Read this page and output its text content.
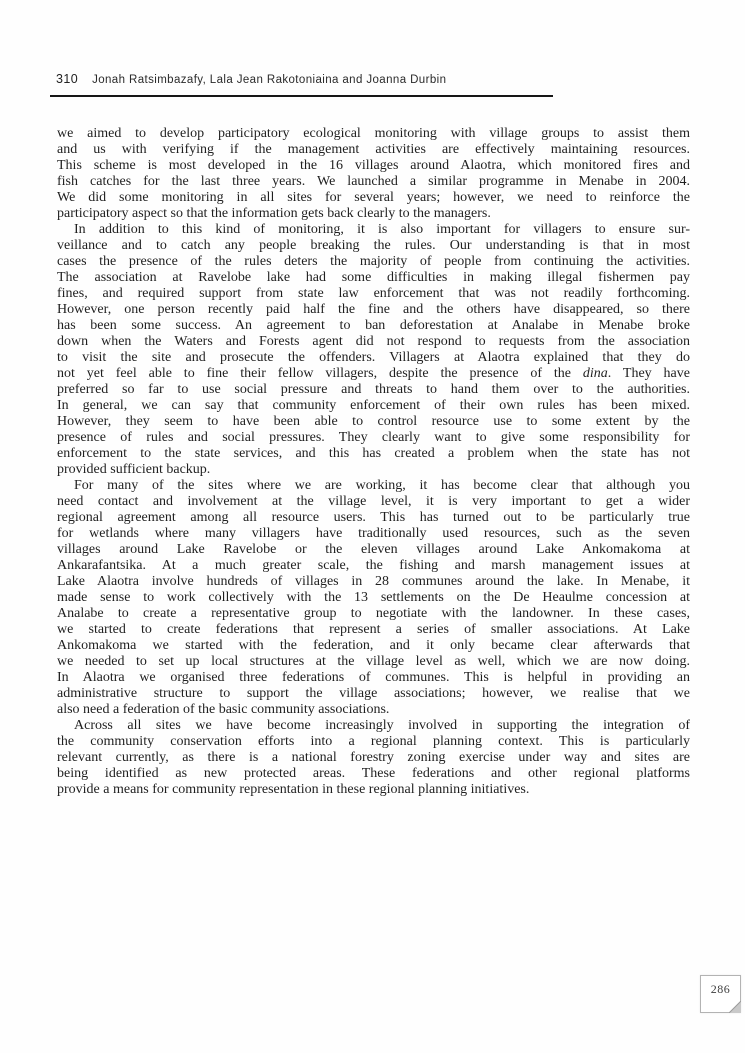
310 Jonah Ratsimbazafy, Lala Jean Rakotoniaina and Joanna Durbin
we aimed to develop participatory ecological monitoring with village groups to assist them
and us with verifying if the management activities are effectively maintaining resources.
This scheme is most developed in the 16 villages around Alaotra, which monitored fires and
fish catches for the last three years. We launched a similar programme in Menabe in 2004.
We did some monitoring in all sites for several years; however, we need to reinforce the
participatory aspect so that the information gets back clearly to the managers.
In addition to this kind of monitoring, it is also important for villagers to ensure sur-
veillance and to catch any people breaking the rules. Our understanding is that in most
cases the presence of the rules deters the majority of people from continuing the activities.
The association at Ravelobe lake had some difficulties in making illegal fishermen pay
fines, and required support from state law enforcement that was not readily forthcoming.
However, one person recently paid half the fine and the others have disappeared, so there
has been some success. An agreement to ban deforestation at Analabe in Menabe broke
down when the Waters and Forests agent did not respond to requests from the association
to visit the site and prosecute the offenders. Villagers at Alaotra explained that they do
not yet feel able to fine their fellow villagers, despite the presence of the dina. They have
preferred so far to use social pressure and threats to hand them over to the authorities.
In general, we can say that community enforcement of their own rules has been mixed.
However, they seem to have been able to control resource use to some extent by the
presence of rules and social pressures. They clearly want to give some responsibility for
enforcement to the state services, and this has created a problem when the state has not
provided sufficient backup.
For many of the sites where we are working, it has become clear that although you
need contact and involvement at the village level, it is very important to get a wider
regional agreement among all resource users. This has turned out to be particularly true
for wetlands where many villagers have traditionally used resources, such as the seven
villages around Lake Ravelobe or the eleven villages around Lake Ankomakoma at
Ankarafantsika. At a much greater scale, the fishing and marsh management issues at
Lake Alaotra involve hundreds of villages in 28 communes around the lake. In Menabe, it
made sense to work collectively with the 13 settlements on the De Heaulme concession at
Analabe to create a representative group to negotiate with the landowner. In these cases,
we started to create federations that represent a series of smaller associations. At Lake
Ankomakoma we started with the federation, and it only became clear afterwards that
we needed to set up local structures at the village level as well, which we are now doing.
In Alaotra we organised three federations of communes. This is helpful in providing an
administrative structure to support the village associations; however, we realise that we
also need a federation of the basic community associations.
Across all sites we have become increasingly involved in supporting the integration of
the community conservation efforts into a regional planning context. This is particularly
relevant currently, as there is a national forestry zoning exercise under way and sites are
being identified as new protected areas. These federations and other regional platforms
provide a means for community representation in these regional planning initiatives.
286
